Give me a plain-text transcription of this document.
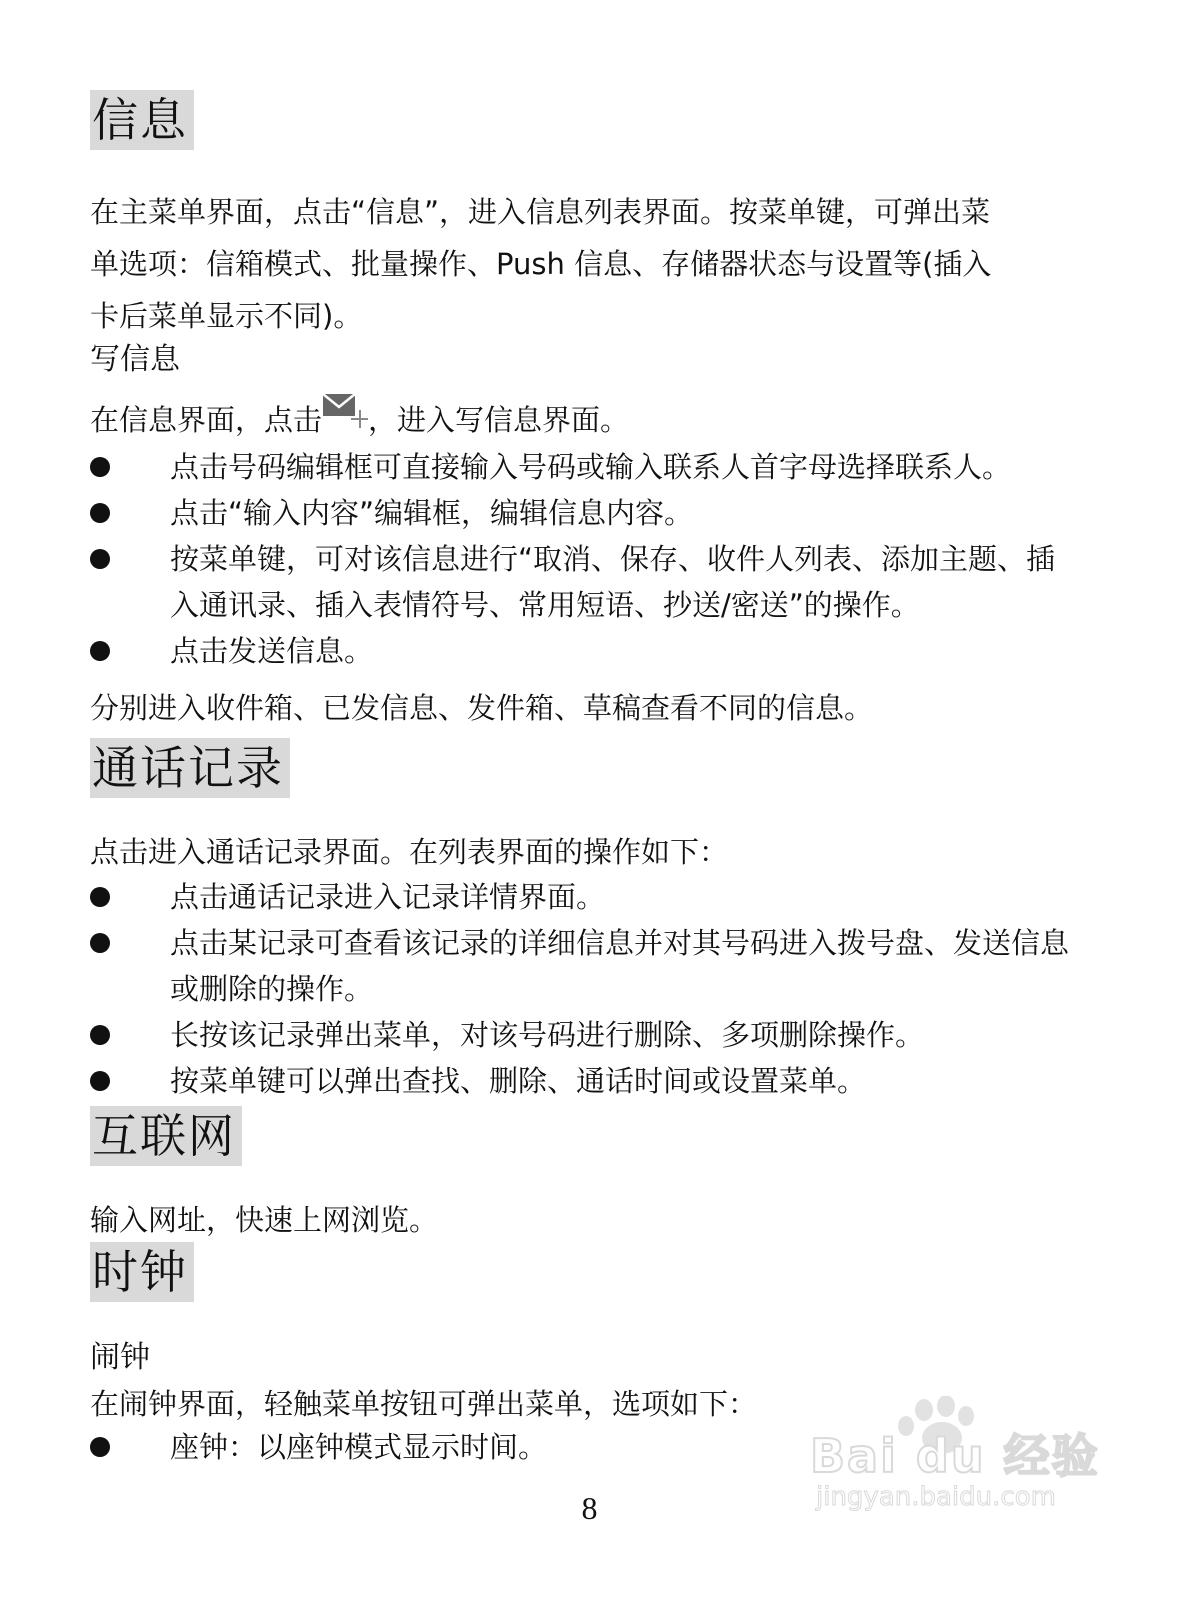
信息
在主菜单界面，点击“信息”，进入信息列表界面。按菜单键，可弹出菜
单选项：信箱模式、批量操作、Push 信息、存储器状态与设置等(插入
卡后菜单显示不同)。
写信息
在信息界面，点击 ，进入写信息界面。
点击号码编辑框可直接输入号码或输入联系人首字母选择联系人。
点击“输入内容”编辑框，编辑信息内容。
按菜单键，可对该信息进行“取消、保存、收件人列表、添加主题、插入通讯录、插入表情符号、常用短语、抄送/密送”的操作。
点击发送信息。
分别进入收件箱、已发信息、发件箱、草稿查看不同的信息。
通话记录
点击进入通话记录界面。在列表界面的操作如下：
点击通话记录进入记录详情界面。
点击某记录可查看该记录的详细信息并对其号码进入拨号盘、发送信息或删除的操作。
长按该记录弹出菜单，对该号码进行删除、多项删除操作。
按菜单键可以弹出查找、删除、通话时间或设置菜单。
互联网
输入网址，快速上网浏览。
时钟
闹钟
在闹钟界面，轻触菜单按钮可弹出菜单，选项如下：
座钟：以座钟模式显示时间。
8
Bai du 经验
jingyan.baidu.com
